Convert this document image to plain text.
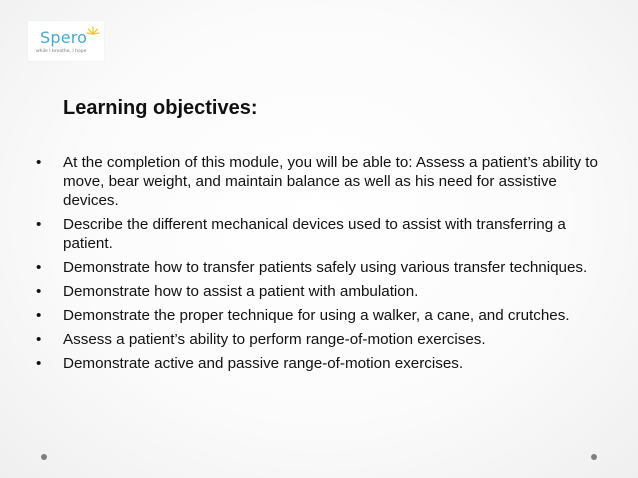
Spero
while I breathe, I hope
Learning objectives:
• At the completion of this module, you will be able to: Assess a patient’s ability to move, bear weight, and maintain balance as well as his need for assistive devices.
• Describe the different mechanical devices used to assist with transferring a patient.
• Demonstrate how to transfer patients safely using various transfer techniques.
• Demonstrate how to assist a patient with ambulation.
• Demonstrate the proper technique for using a walker, a cane, and crutches.
• Assess a patient’s ability to perform range-of-motion exercises.
• Demonstrate active and passive range-of-motion exercises.
